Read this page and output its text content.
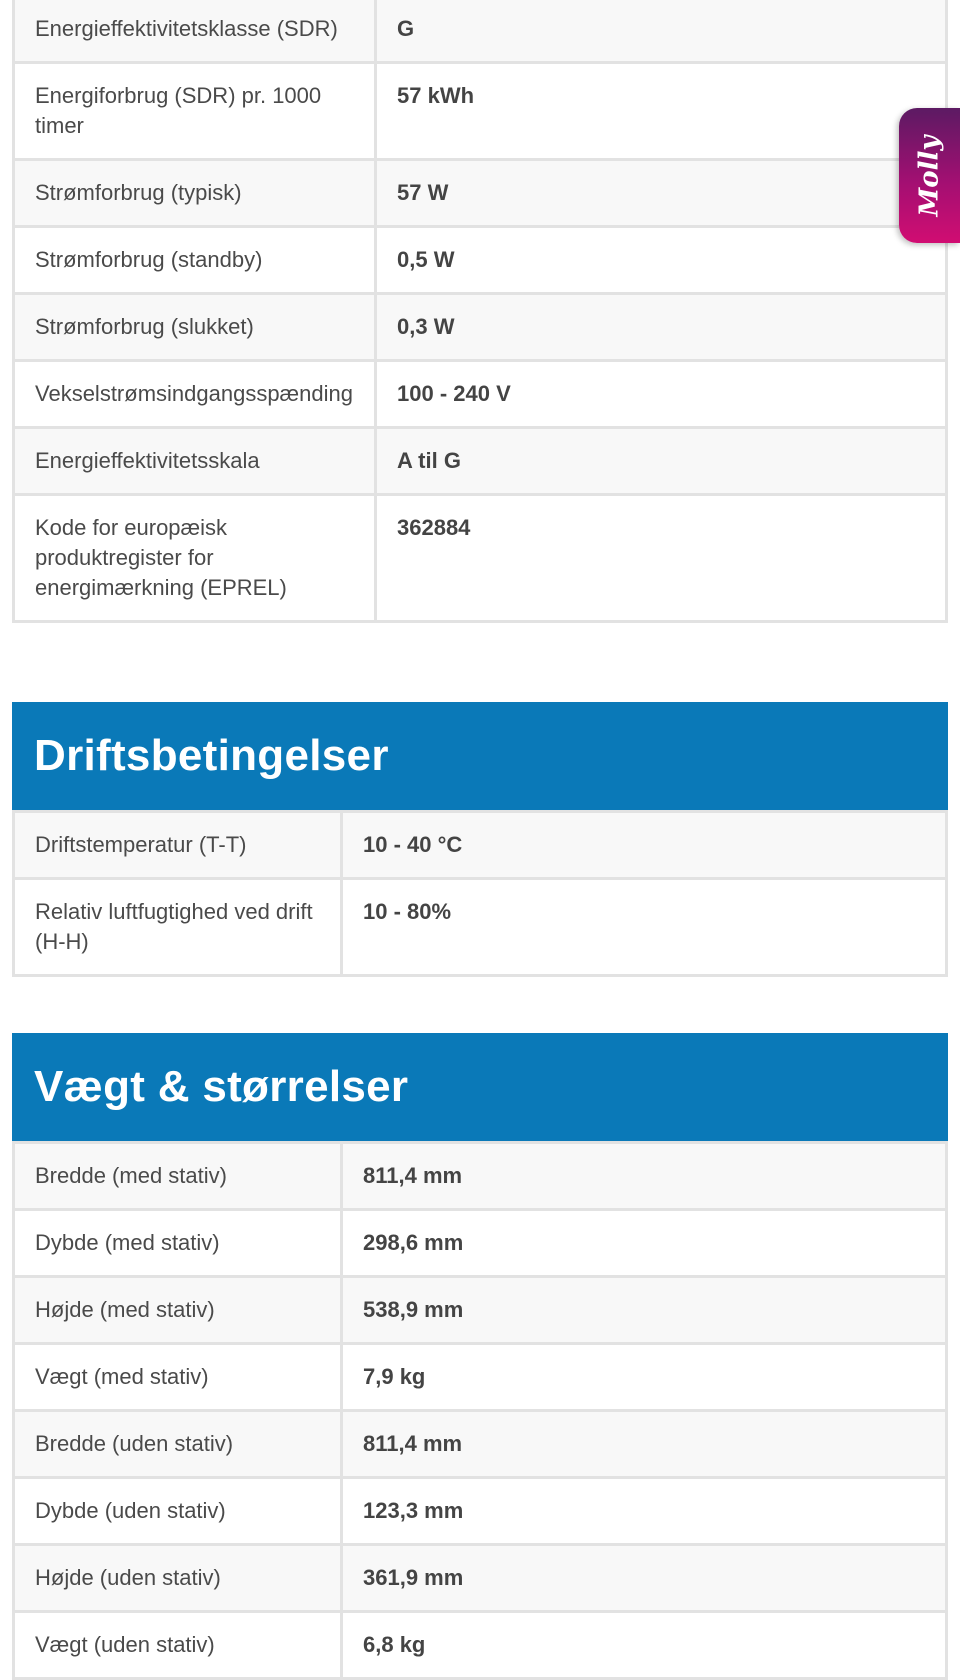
Energieffektivitetsklasse (SDR)	G
Energiforbrug (SDR) pr. 1000 timer	57 kWh
Strømforbrug (typisk)	57 W
Strømforbrug (standby)	0,5 W
Strømforbrug (slukket)	0,3 W
Vekselstrømsindgangsspænding	100 - 240 V
Energieffektivitetsskala	A til G
Kode for europæisk produktregister for energimærkning (EPREL)	362884
Driftsbetingelser
Driftstemperatur (T-T)	10 - 40 °C
Relativ luftfugtighed ved drift (H-H)	10 - 80%
Vægt & størrelser
Bredde (med stativ)	811,4 mm
Dybde (med stativ)	298,6 mm
Højde (med stativ)	538,9 mm
Vægt (med stativ)	7,9 kg
Bredde (uden stativ)	811,4 mm
Dybde (uden stativ)	123,3 mm
Højde (uden stativ)	361,9 mm
Vægt (uden stativ)	6,8 kg
Molly
